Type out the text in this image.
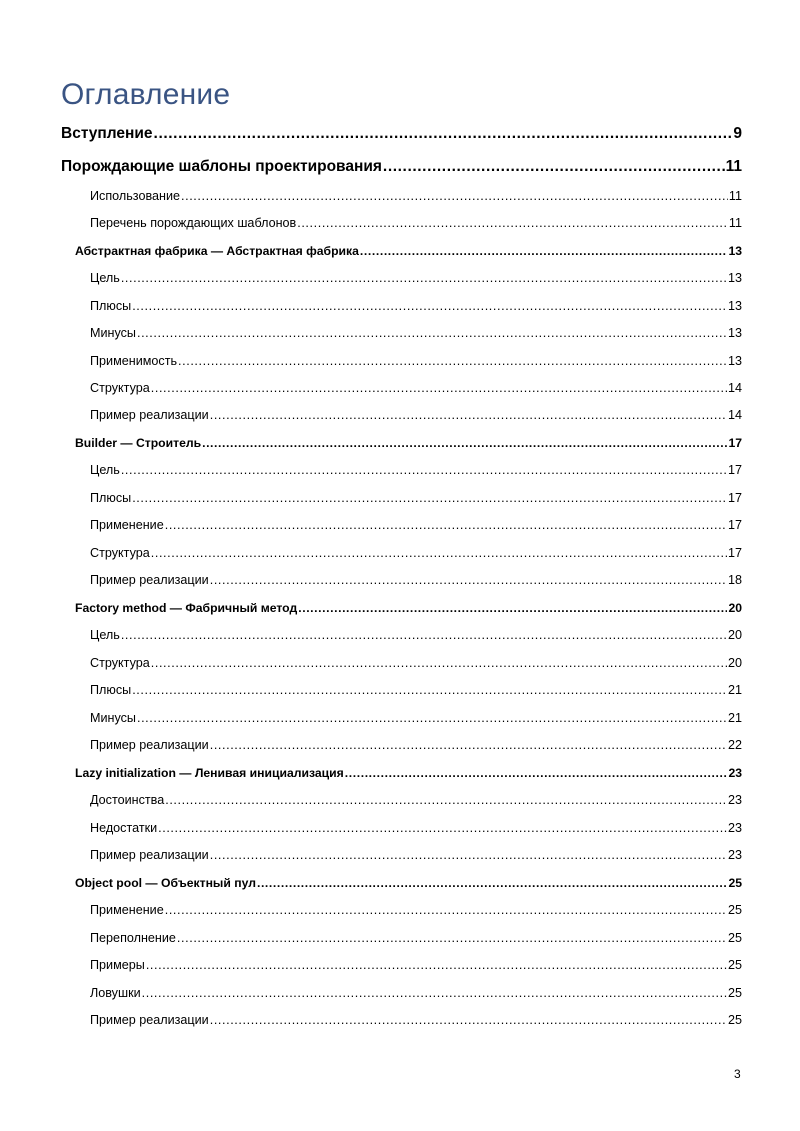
Оглавление
Вступление .....	9
Порождающие шаблоны проектирования .....	11
Использование .....	11
Перечень порождающих шаблонов .....	11
Абстрактная фабрика — Абстрактная фабрика .....	13
Цель .....	13
Плюсы .....	13
Минусы .....	13
Применимость .....	13
Структура .....	14
Пример реализации .....	14
Builder — Строитель .....	17
Цель .....	17
Плюсы .....	17
Применение .....	17
Структура .....	17
Пример реализации .....	18
Factory method — Фабричный метод .....	20
Цель .....	20
Структура .....	20
Плюсы .....	21
Минусы .....	21
Пример реализации .....	22
Lazy initialization — Ленивая инициализация .....	23
Достоинства .....	23
Недостатки .....	23
Пример реализации .....	23
Object pool — Объектный пул .....	25
Применение .....	25
Переполнение .....	25
Примеры .....	25
Ловушки .....	25
Пример реализации .....	25
3
